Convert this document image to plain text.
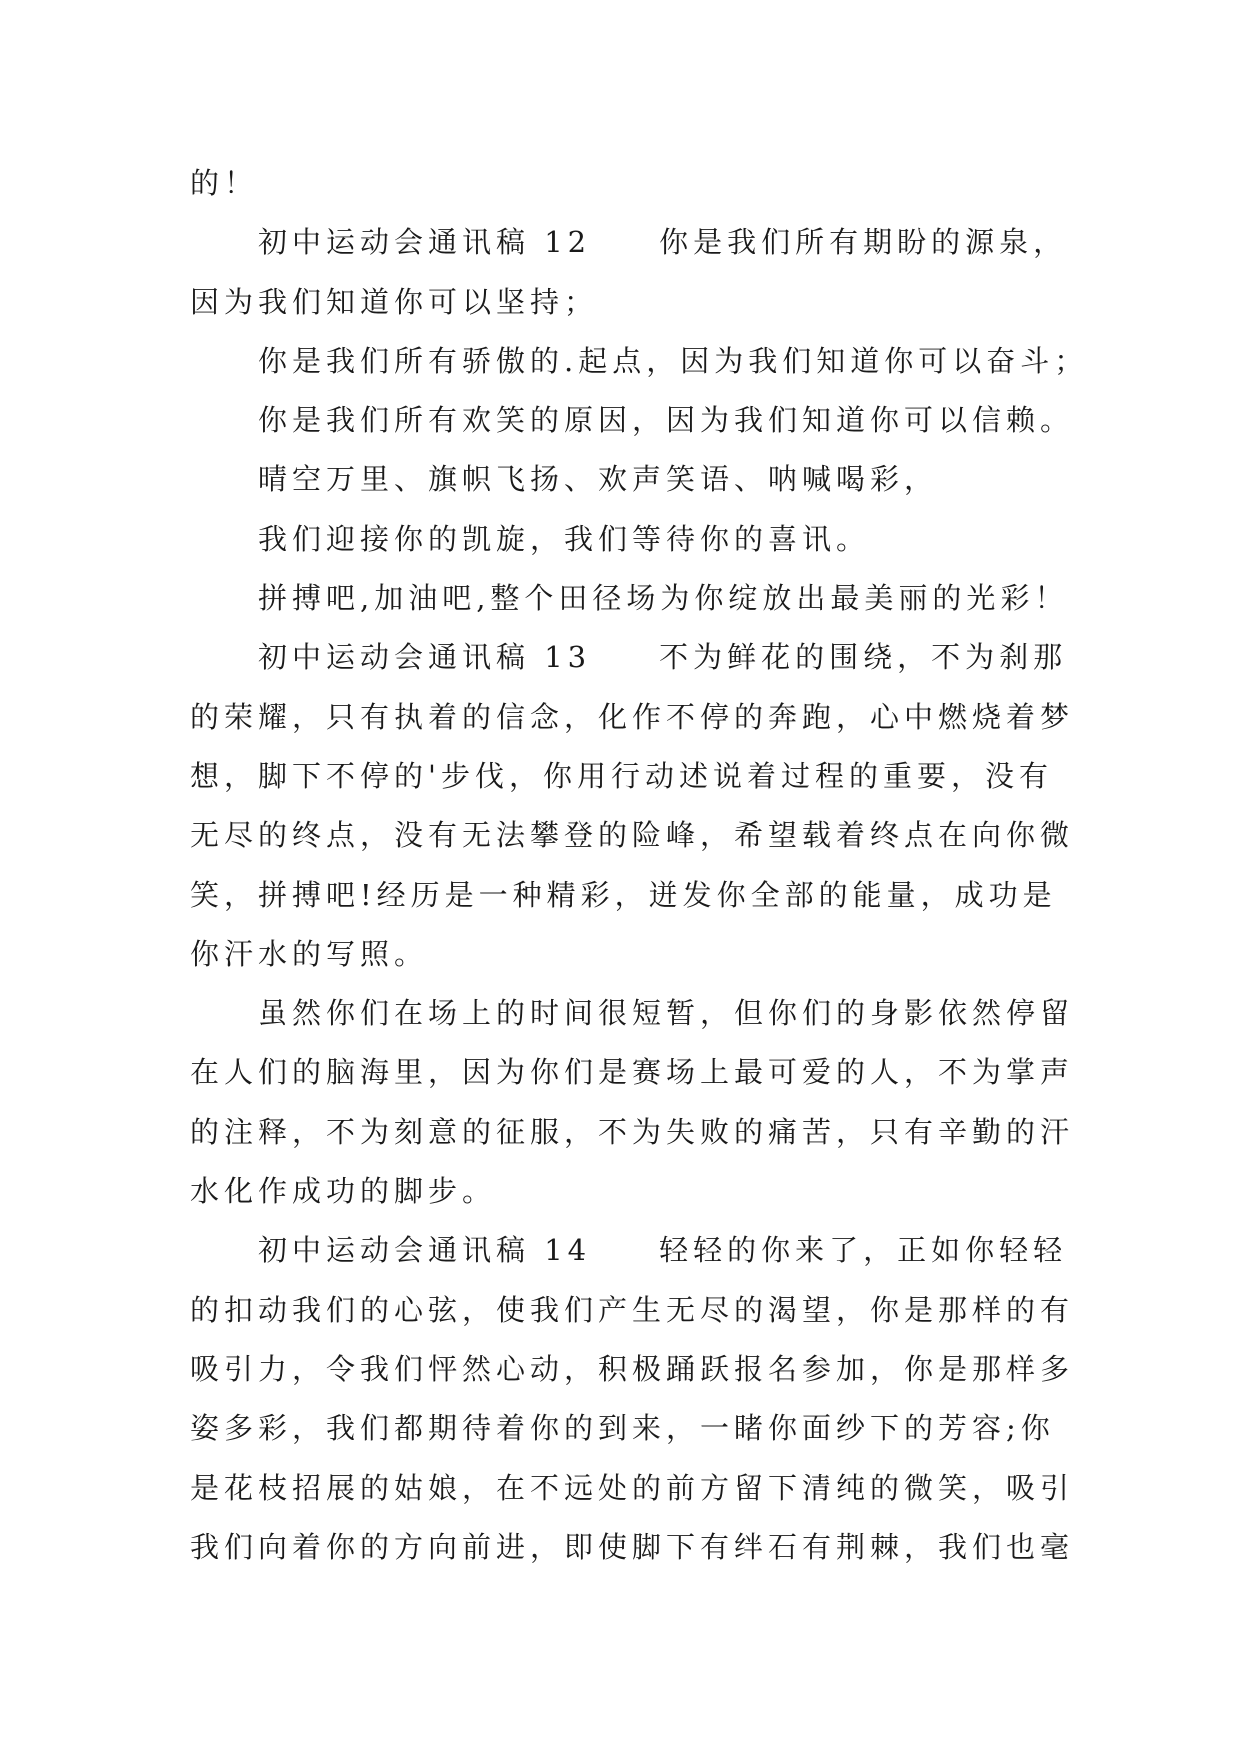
的！
初中运动会通讯稿 12　　你是我们所有期盼的源泉，
因为我们知道你可以坚持；
你是我们所有骄傲的.起点，因为我们知道你可以奋斗；
你是我们所有欢笑的原因，因为我们知道你可以信赖。
晴空万里、旗帜飞扬、欢声笑语、呐喊喝彩，
我们迎接你的凯旋，我们等待你的喜讯。
拼搏吧,加油吧,整个田径场为你绽放出最美丽的光彩！
初中运动会通讯稿 13　　不为鲜花的围绕，不为刹那
的荣耀，只有执着的信念，化作不停的奔跑，心中燃烧着梦
想，脚下不停的'步伐，你用行动述说着过程的重要，没有
无尽的终点，没有无法攀登的险峰，希望载着终点在向你微
笑，拼搏吧!经历是一种精彩，迸发你全部的能量，成功是
你汗水的写照。
虽然你们在场上的时间很短暂，但你们的身影依然停留
在人们的脑海里，因为你们是赛场上最可爱的人，不为掌声
的注释，不为刻意的征服，不为失败的痛苦，只有辛勤的汗
水化作成功的脚步。
初中运动会通讯稿 14　　轻轻的你来了，正如你轻轻
的扣动我们的心弦，使我们产生无尽的渴望，你是那样的有
吸引力，令我们怦然心动，积极踊跃报名参加，你是那样多
姿多彩，我们都期待着你的到来，一睹你面纱下的芳容;你
是花枝招展的姑娘，在不远处的前方留下清纯的微笑，吸引
我们向着你的方向前进，即使脚下有绊石有荆棘，我们也毫
